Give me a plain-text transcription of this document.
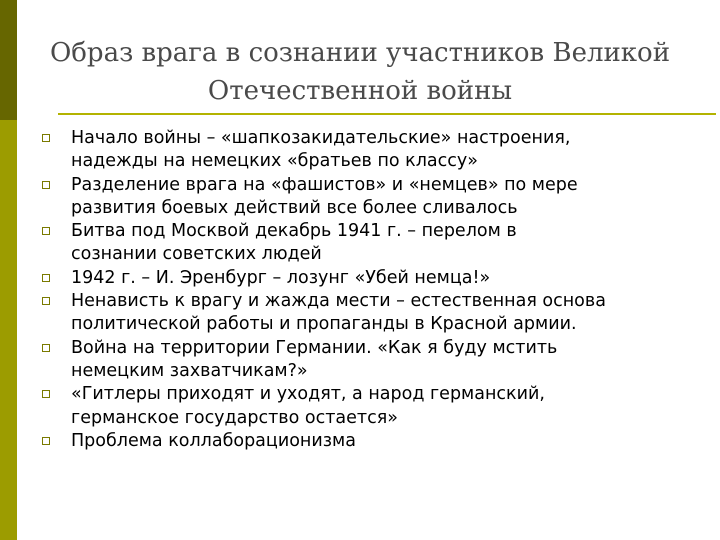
Образ врага в сознании участников Великой
Отечественной войны
Начало войны – «шапкозакидательские» настроения,
надежды на немецких «братьев по классу»
Разделение врага на «фашистов» и «немцев» по мере
развития боевых действий все более сливалось
Битва под Москвой декабрь 1941 г. – перелом в
сознании советских людей
1942 г. – И. Эренбург – лозунг «Убей немца!»
Ненависть к врагу и жажда мести – естественная основа
политической работы и пропаганды в Красной армии.
Война на территории Германии. «Как я буду мстить
немецким захватчикам?»
«Гитлеры приходят и уходят, а народ германский,
германское государство остается»
Проблема коллаборационизма
